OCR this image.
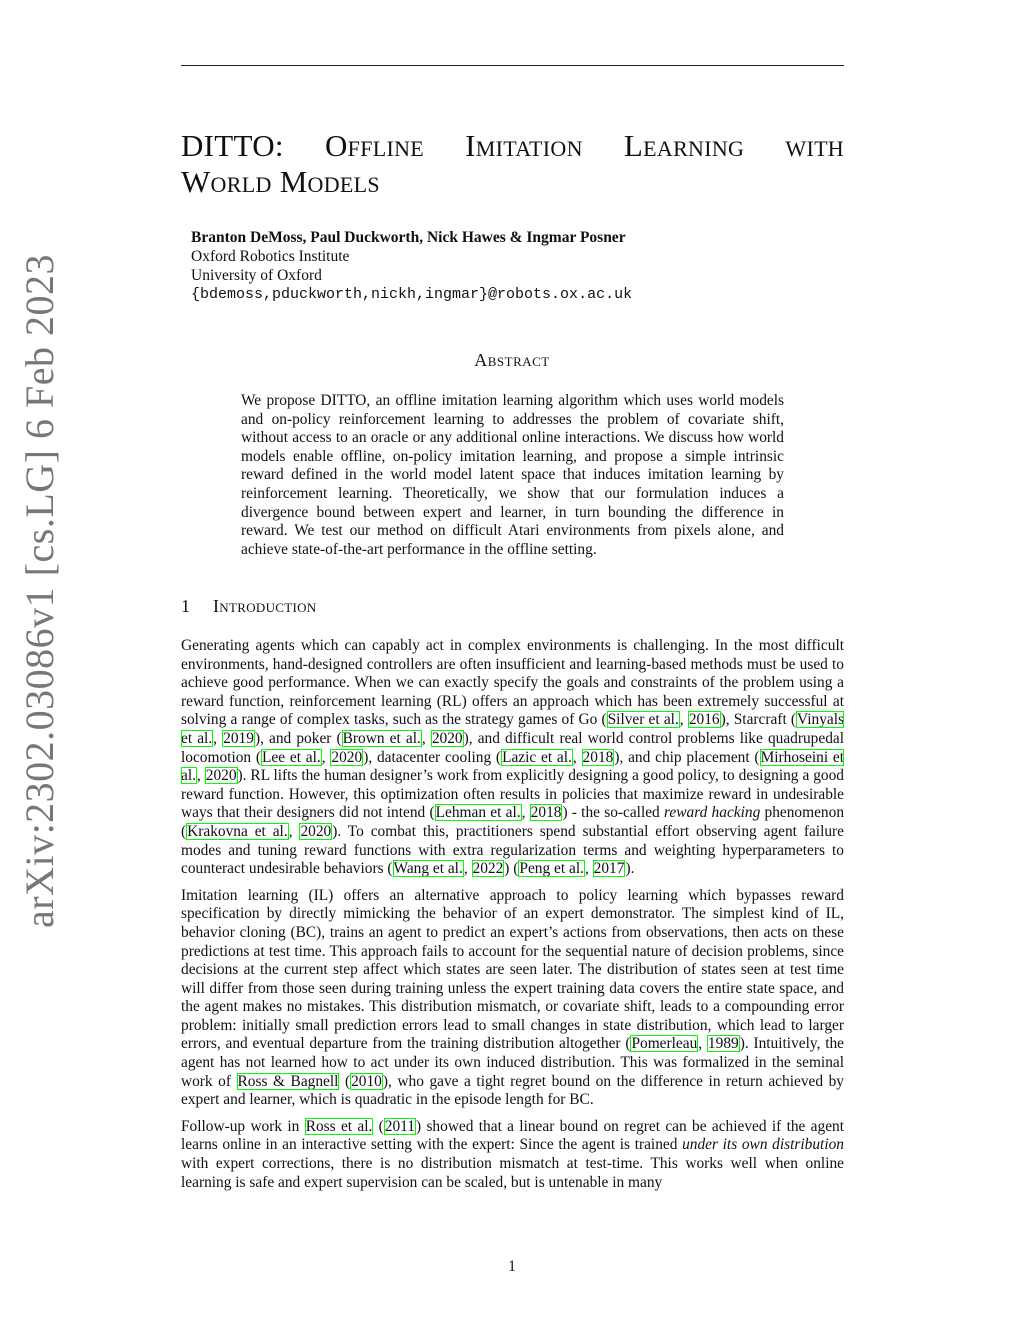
arXiv:2302.03086v1 [cs.LG] 6 Feb 2023
DITTO: Offline Imitation Learning with
World Models
Branton DeMoss, Paul Duckworth, Nick Hawes & Ingmar Posner
Oxford Robotics Institute
University of Oxford
{bdemoss,pduckworth,nickh,ingmar}@robots.ox.ac.uk
Abstract

We propose DITTO, an offline imitation learning algorithm which uses world models and on-policy reinforcement learning to addresses the problem of covariate shift, without access to an oracle or any additional online interactions. We discuss how world models enable offline, on-policy imitation learning, and propose a simple intrinsic reward defined in the world model latent space that induces imitation learning by reinforcement learning. Theoretically, we show that our formulation induces a divergence bound between expert and learner, in turn bounding the difference in reward. We test our method on difficult Atari environments from pixels alone, and achieve state-of-the-art performance in the offline setting.

1 Introduction

Generating agents which can capably act in complex environments is challenging. In the most difficult environments, hand-designed controllers are often insufficient and learning-based methods must be used to achieve good performance. When we can exactly specify the goals and constraints of the problem using a reward function, reinforcement learning (RL) offers an approach which has been extremely successful at solving a range of complex tasks, such as the strategy games of Go (Silver et al., 2016), Starcraft (Vinyals et al., 2019), and poker (Brown et al., 2020), and difficult real world control problems like quadrupedal locomotion (Lee et al., 2020), datacenter cooling (Lazic et al., 2018), and chip placement (Mirhoseini et al., 2020). RL lifts the human designer’s work from explicitly designing a good policy, to designing a good reward function. However, this optimization often results in policies that maximize reward in undesirable ways that their designers did not intend (Lehman et al., 2018) - the so-called reward hacking phenomenon (Krakovna et al., 2020). To combat this, practitioners spend substantial effort observing agent failure modes and tuning reward functions with extra regularization terms and weighting hyperparameters to counteract undesirable behaviors (Wang et al., 2022) (Peng et al., 2017).

Imitation learning (IL) offers an alternative approach to policy learning which bypasses reward specification by directly mimicking the behavior of an expert demonstrator. The simplest kind of IL, behavior cloning (BC), trains an agent to predict an expert’s actions from observations, then acts on these predictions at test time. This approach fails to account for the sequential nature of decision problems, since decisions at the current step affect which states are seen later. The distribution of states seen at test time will differ from those seen during training unless the expert training data covers the entire state space, and the agent makes no mistakes. This distribution mismatch, or covariate shift, leads to a compounding error problem: initially small prediction errors lead to small changes in state distribution, which lead to larger errors, and eventual departure from the training distribution altogether (Pomerleau, 1989). Intuitively, the agent has not learned how to act under its own induced distribution. This was formalized in the seminal work of Ross & Bagnell (2010), who gave a tight regret bound on the difference in return achieved by expert and learner, which is quadratic in the episode length for BC.

Follow-up work in Ross et al. (2011) showed that a linear bound on regret can be achieved if the agent learns online in an interactive setting with the expert: Since the agent is trained under its own distribution with expert corrections, there is no distribution mismatch at test-time. This works well when online learning is safe and expert supervision can be scaled, but is untenable in many

1
